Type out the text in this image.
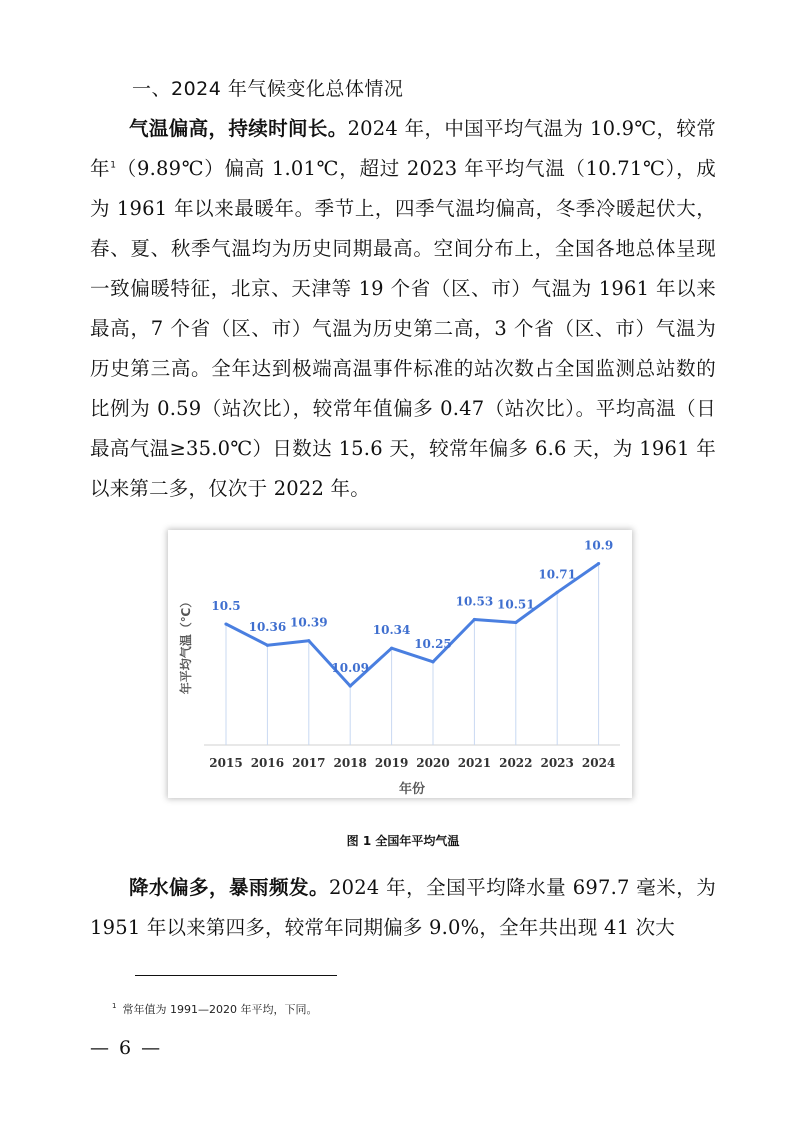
一、2024 年气候变化总体情况

气温偏高，持续时间长。2024 年，中国平均气温为 10.9℃，较常年$^1$（9.89℃）偏高 1.01℃，超过 2023 年平均气温（10.71℃），成为 1961 年以来最暖年。季节上，四季气温均偏高，冬季冷暖起伏大，春、夏、秋季气温均为历史同期最高。空间分布上，全国各地总体呈现一致偏暖特征，北京、天津等 19 个省（区、市）气温为 1961 年以来最高，7 个省（区、市）气温为历史第二高，3 个省（区、市）气温为历史第三高。全年达到极端高温事件标准的站次数占全国监测总站数的比例为 0.59（站次比），较常年值偏多 0.47（站次比）。平均高温（日最高气温≥35.0℃）日数达 15.6 天，较常年偏多 6.6 天，为 1961 年以来第二多，仅次于 2022 年。

10.5
10.36 10.39
10.09
10.34
10.25
10.53 10.51
10.71
10.9
2015 2016 2017 2018 2019 2020 2021 2022 2023 2024
年份
年平均气温（℃）

图 1 全国年平均气温

降水偏多，暴雨频发。2024 年，全国平均降水量 697.7 毫米，为 1951 年以来第四多，较常年同期偏多 9.0%，全年共出现 41 次大

$^1$ 常年值为 1991—2020 年平均，下同。

— 6 —
